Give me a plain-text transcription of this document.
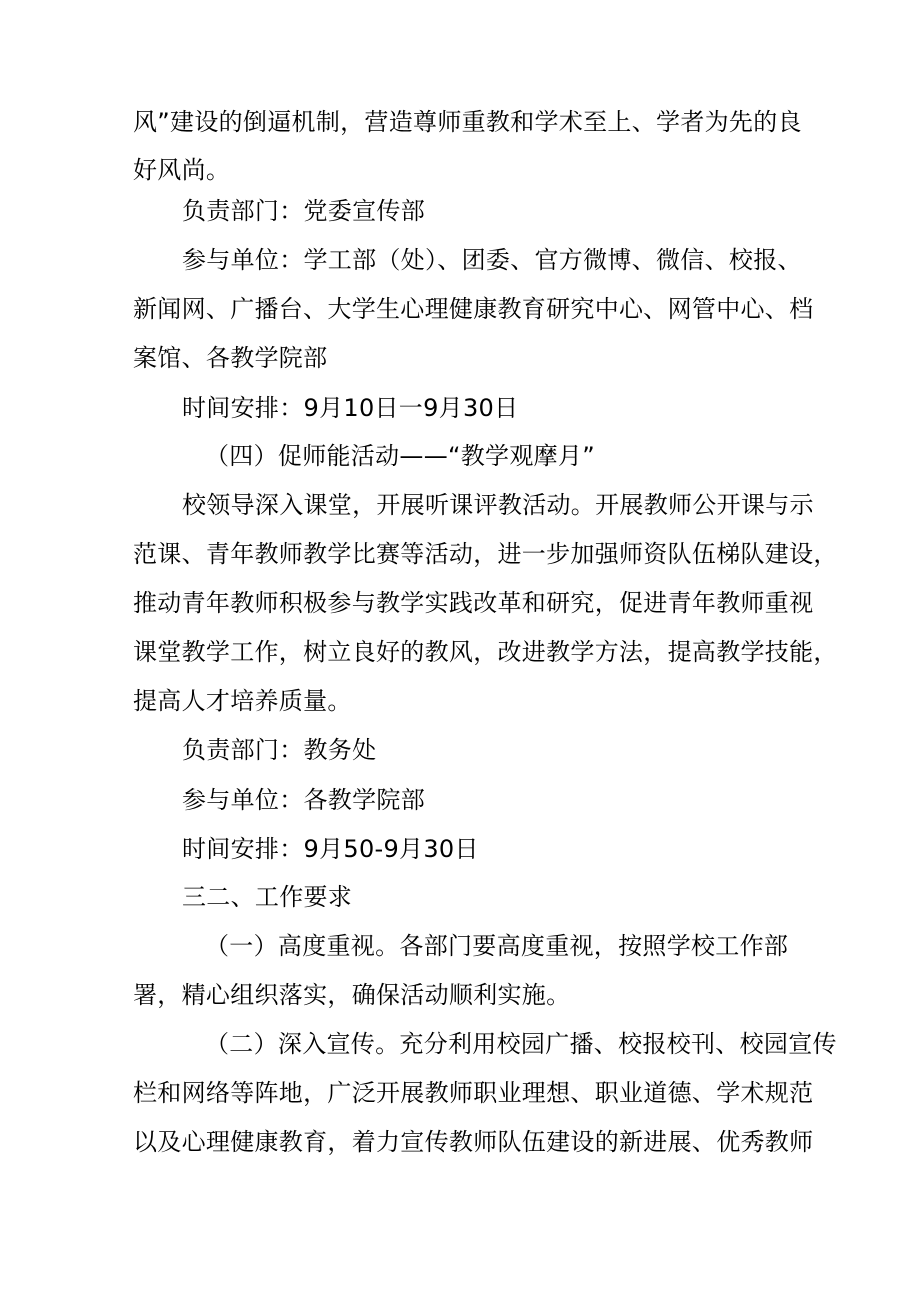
风”建设的倒逼机制，营造尊师重教和学术至上、学者为先的良
好风尚。
负责部门：党委宣传部
参与单位：学工部（处）、团委、官方微博、微信、校报、
新闻网、广播台、大学生心理健康教育研究中心、网管中心、档
案馆、各教学院部
时间安排：9月10日一9月30日
（四）促师能活动——“教学观摩月”
校领导深入课堂，开展听课评教活动。开展教师公开课与示
范课、青年教师教学比赛等活动，进一步加强师资队伍梯队建设，
推动青年教师积极参与教学实践改革和研究，促进青年教师重视
课堂教学工作，树立良好的教风，改进教学方法，提高教学技能，
提高人才培养质量。
负责部门：教务处
参与单位：各教学院部
时间安排：9月50-9月30日
三二、工作要求
（一）高度重视。各部门要高度重视，按照学校工作部
署，精心组织落实，确保活动顺利实施。
（二）深入宣传。充分利用校园广播、校报校刊、校园宣传
栏和网络等阵地，广泛开展教师职业理想、职业道德、学术规范
以及心理健康教育，着力宣传教师队伍建设的新进展、优秀教师
